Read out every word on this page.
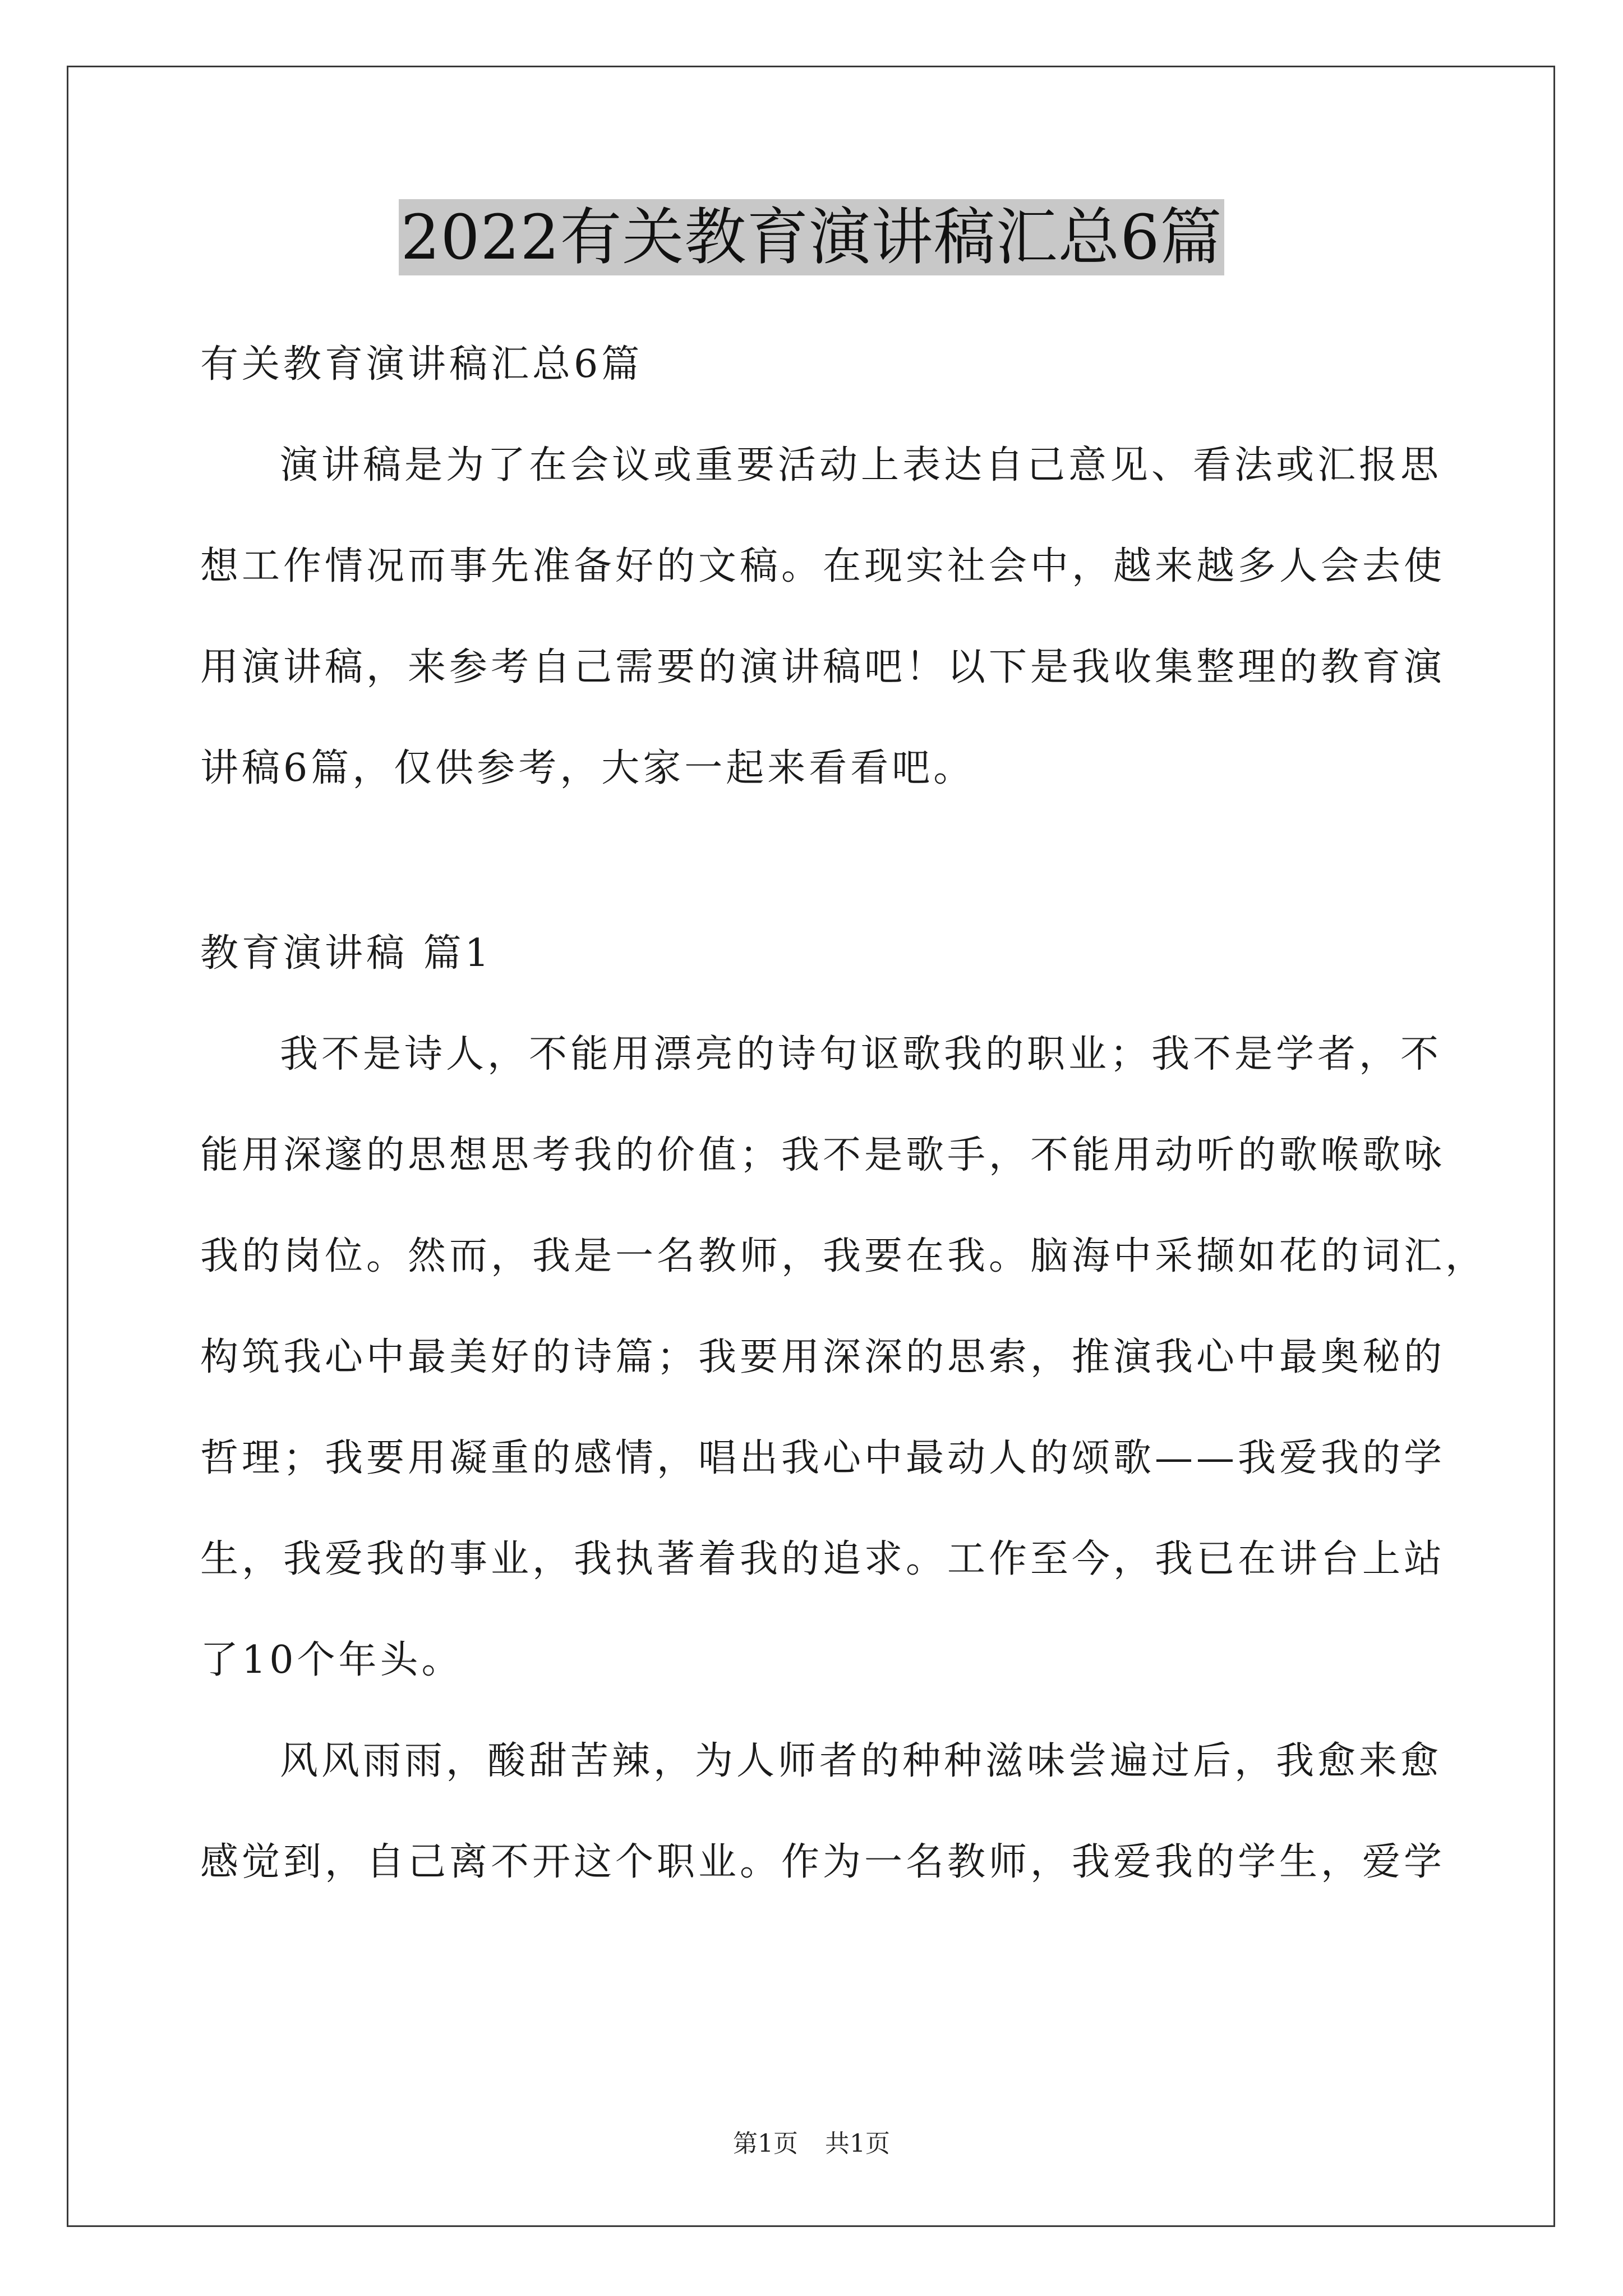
2022有关教育演讲稿汇总6篇
有关教育演讲稿汇总6篇
演讲稿是为了在会议或重要活动上表达自己意见、看法或汇报思
想工作情况而事先准备好的文稿。在现实社会中，越来越多人会去使
用演讲稿，来参考自己需要的演讲稿吧！以下是我收集整理的教育演
讲稿6篇，仅供参考，大家一起来看看吧。
教育演讲稿 篇1
我不是诗人，不能用漂亮的诗句讴歌我的职业；我不是学者，不
能用深邃的思想思考我的价值；我不是歌手，不能用动听的歌喉歌咏
我的岗位。然而，我是一名教师，我要在我。脑海中采撷如花的词汇，
构筑我心中最美好的诗篇；我要用深深的思索，推演我心中最奥秘的
哲理；我要用凝重的感情，唱出我心中最动人的颂歌——我爱我的学
生，我爱我的事业，我执著着我的追求。工作至今，我已在讲台上站
了10个年头。
风风雨雨，酸甜苦辣，为人师者的种种滋味尝遍过后，我愈来愈
感觉到，自己离不开这个职业。作为一名教师，我爱我的学生，爱学
第1页 共1页
